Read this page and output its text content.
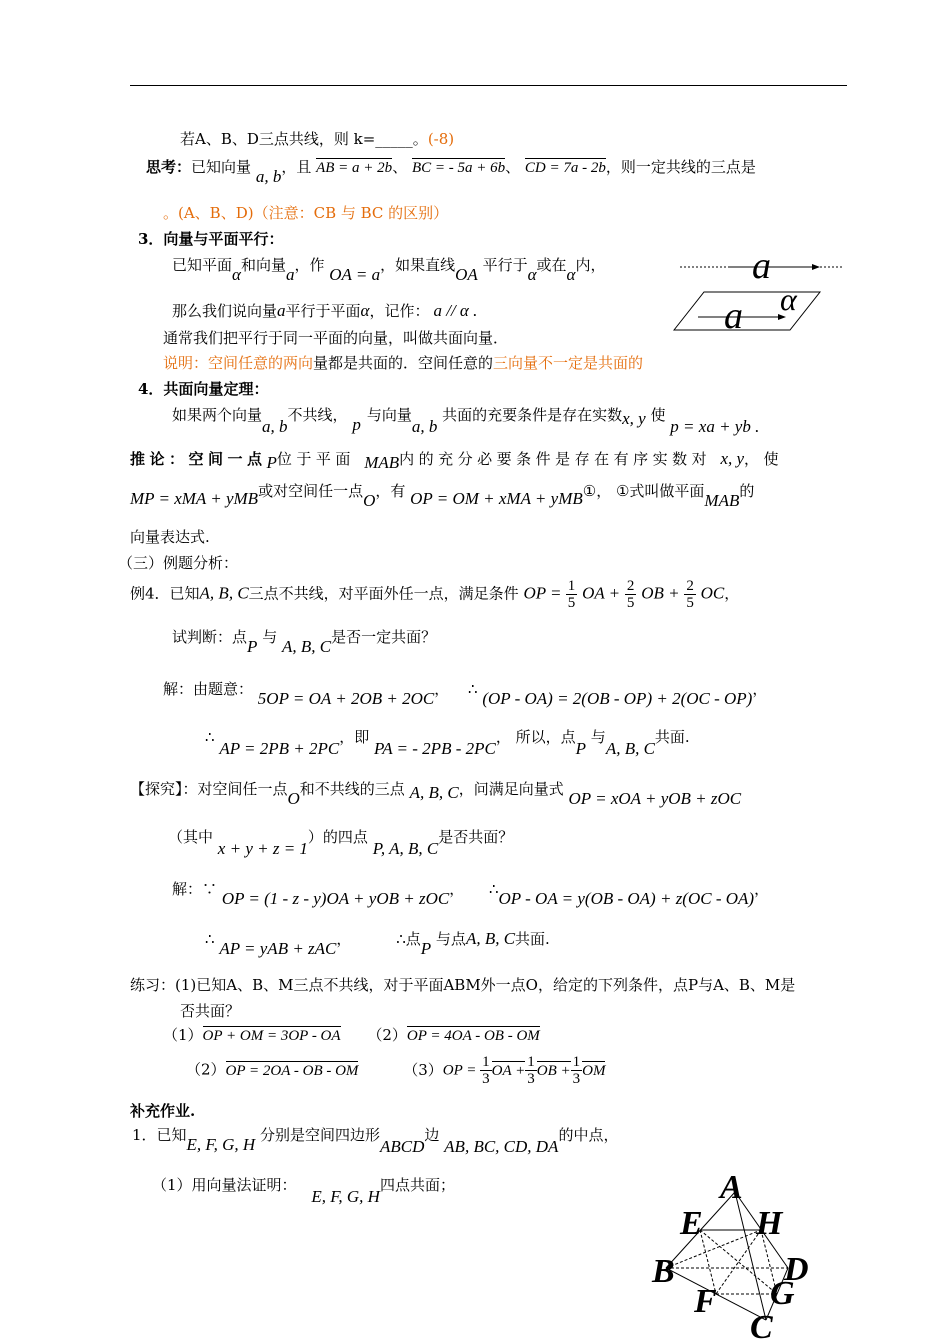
若A、B、D三点共线，则 k=_____。(-8)
思考：已知向量 a, b，且 AB = a + 2b、 BC = - 5a + 6b、 CD = 7a - 2b，则一定共线的三点是
。(A、B、D)（注意：CB 与 BC 的区别）
3．向量与平面平行：
已知平面α和向量a，作 OA = a，如果直线OA 平行于α或在α内，
那么我们说向量a平行于平面α，记作： a // α .
通常我们把平行于同一平面的向量，叫做共面向量．
说明：空间任意的两向量都是共面的．空间任意的三向量不一定是共面的
a
a α
4．共面向量定理：
如果两个向量a, b不共线， p 与向量a, b 共面的充要条件是存在实数x, y 使 p = xa + yb .
推论：空间一点P位于平面 MAB内的充分必要条件是存在有序实数对 x, y，使
MP = xMA + yMB或对空间任一点O，有 OP = OM + xMA + yMB①， ①式叫做平面MAB的
向量表达式.
（三）例题分析：
例4．已知A, B, C三点不共线，对平面外任一点，满足条件 OP = $\frac{1}{5}$ OA + $\frac{2}{5}$ OB + $\frac{2}{5}$ OC，
试判断：点P 与 A, B, C是否一定共面？
解：由题意： 5OP = OA + 2OB + 2OC， ∴ (OP - OA) = 2(OB - OP) + 2(OC - OP)，
∴ AP = 2PB + 2PC，即 PA = - 2PB - 2PC， 所以，点P 与A, B, C共面.
【探究】：对空间任一点O和不共线的三点 A, B, C，问满足向量式 OP = xOA + yOB + zOC
（其中 x + y + z = 1）的四点 P, A, B, C是否共面？
解：∵ OP = (1 - z - y)OA + yOB + zOC， ∴OP - OA = y(OB - OA) + z(OC - OA)，
∴ AP = yAB + zAC，	∴点P 与点A, B, C共面.
练习：(1)已知A、B、M三点不共线，对于平面ABM外一点O，给定的下列条件，点P与A、B、M是
否共面？
（1）OP + OM = 3OP - OA （2）OP = 4OA - OB - OM
（2）OP = 2OA - OB - OM	$(3)OP = \frac{1}{3}$ OA + $\frac{1}{3}$ OB + $\frac{1}{3}$ OM
补充作业.
1．已知E, F, G, H 分别是空间四边形ABCD边 AB, BC, CD, DA的中点，
（1）用向量法证明： E, F, G, H四点共面；	A
E H
B	D
G
F
C
